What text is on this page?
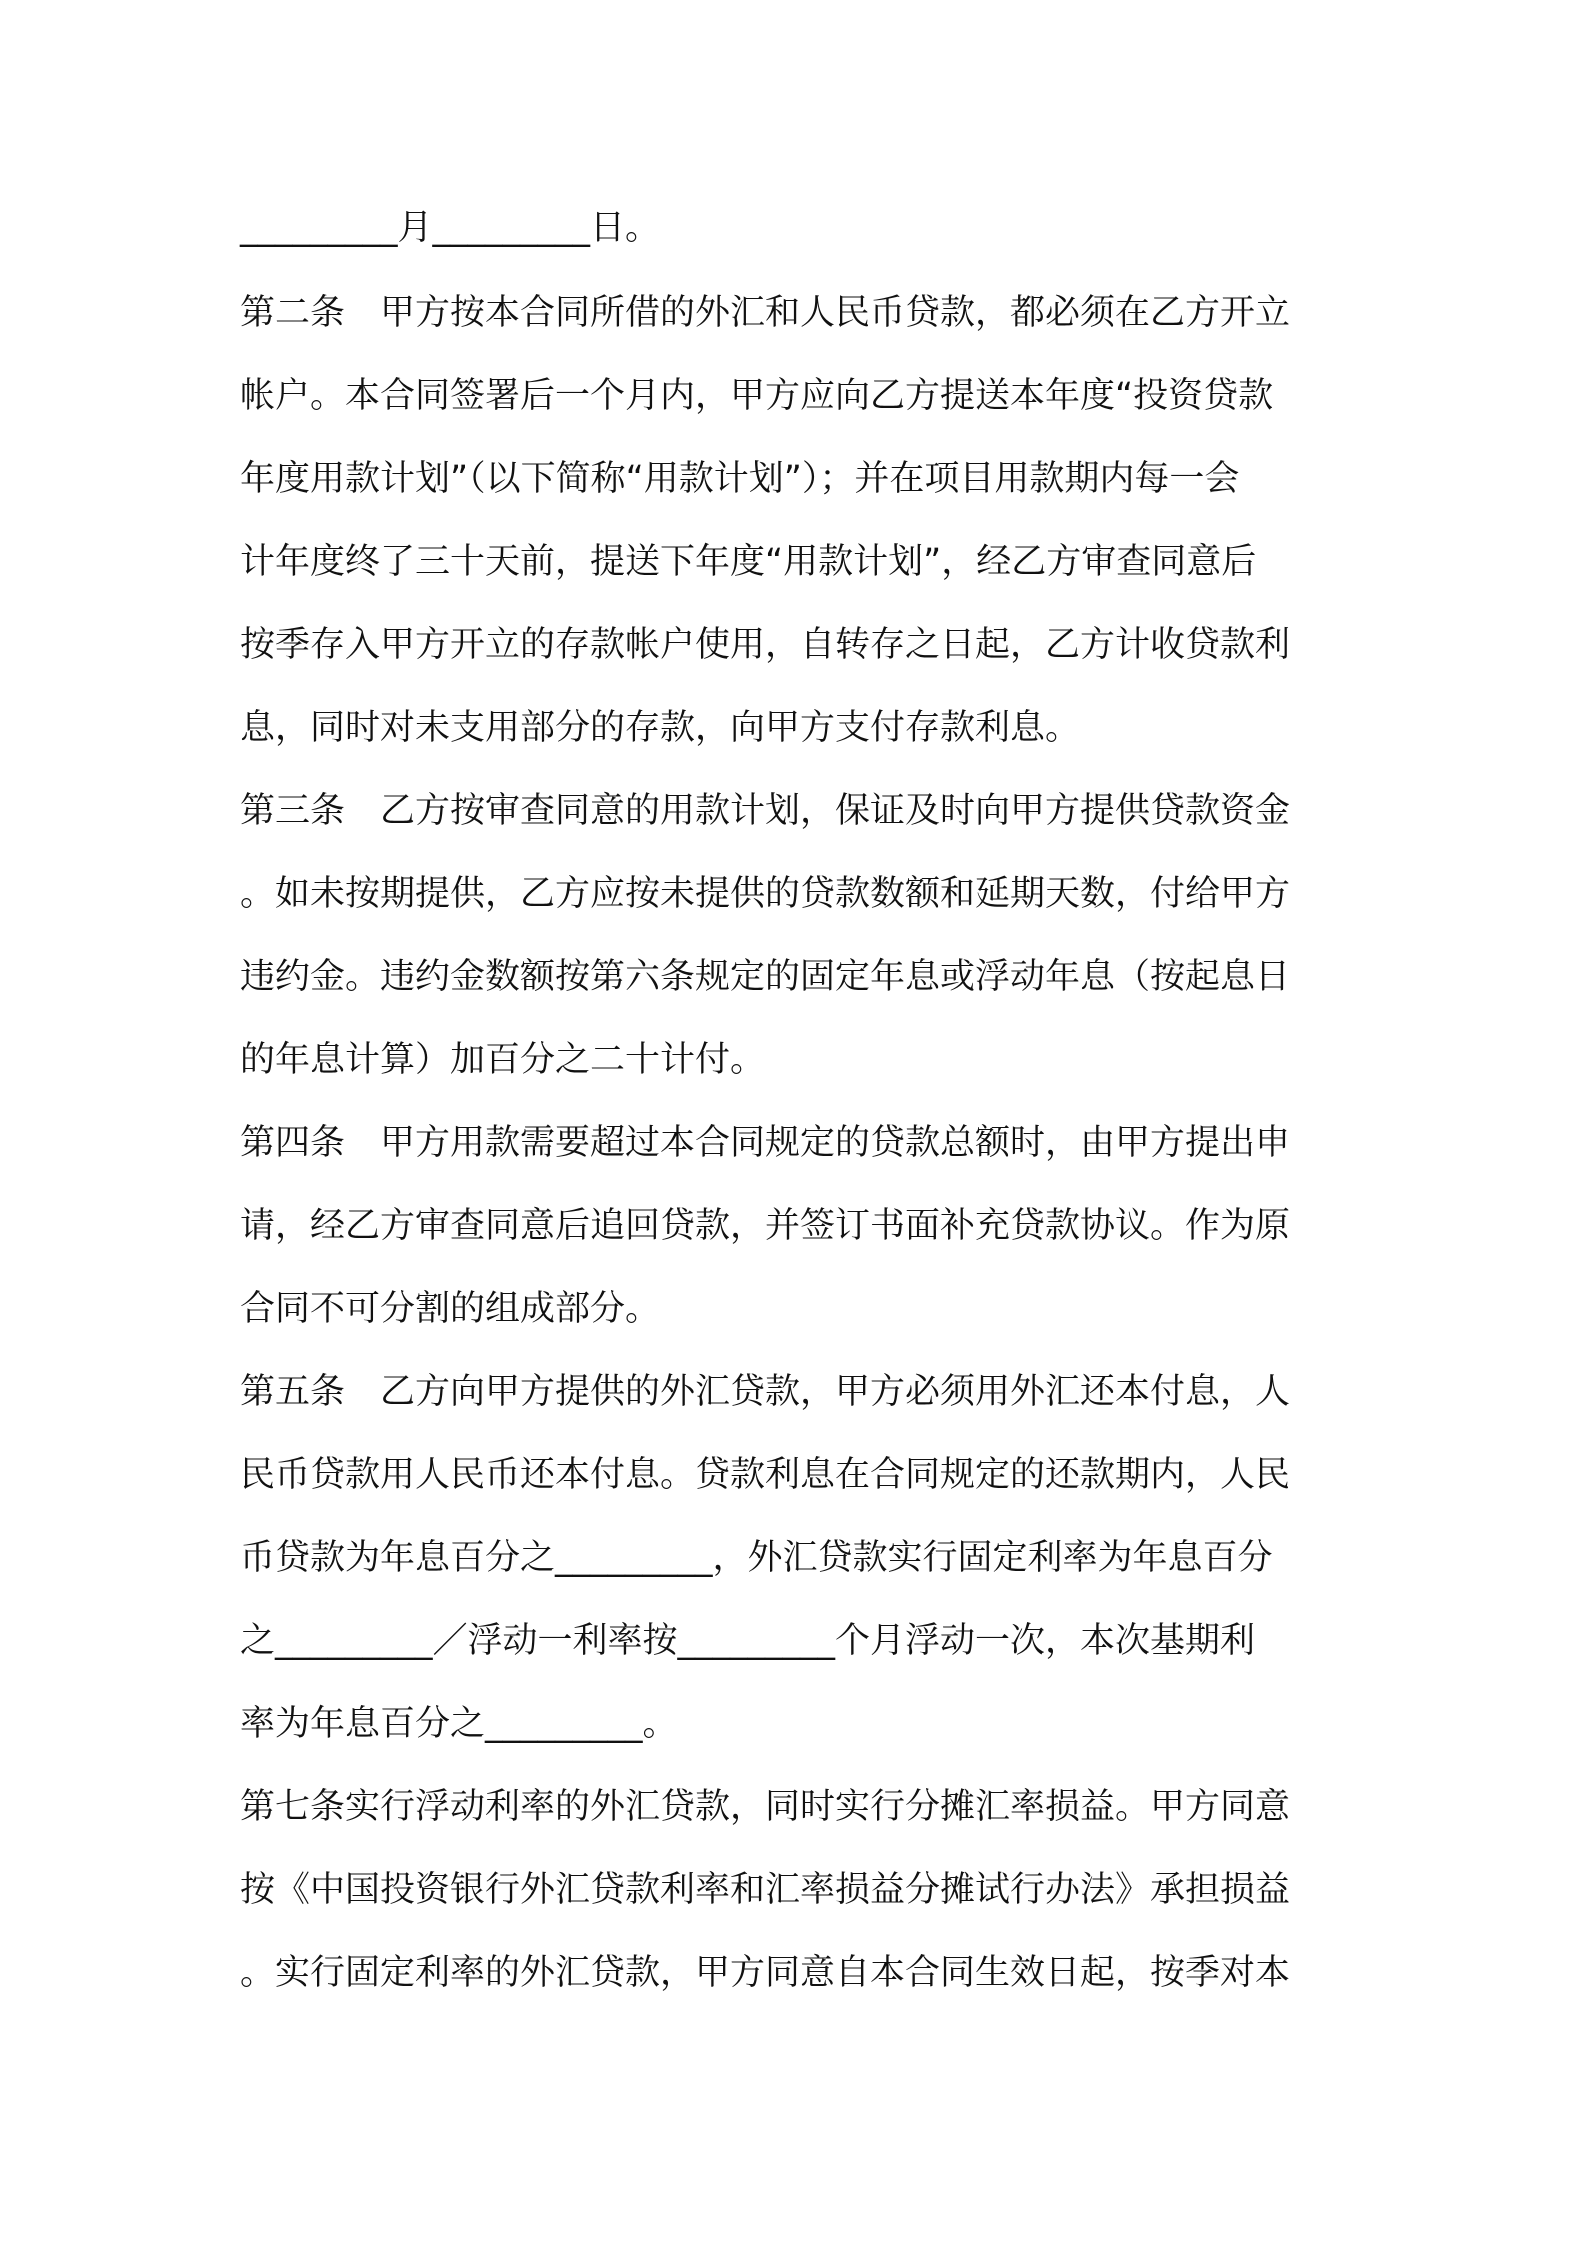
_________月_________日。
第二条　甲方按本合同所借的外汇和人民币贷款，都必须在乙方开立
帐户。本合同签署后一个月内，甲方应向乙方提送本年度“投资贷款
年度用款计划”（以下简称“用款计划”）；并在项目用款期内每一会
计年度终了三十天前，提送下年度“用款计划”，经乙方审查同意后
按季存入甲方开立的存款帐户使用，自转存之日起，乙方计收贷款利
息，同时对未支用部分的存款，向甲方支付存款利息。
第三条　乙方按审查同意的用款计划，保证及时向甲方提供贷款资金
。如未按期提供，乙方应按未提供的贷款数额和延期天数，付给甲方
违约金。违约金数额按第六条规定的固定年息或浮动年息（按起息日
的年息计算）加百分之二十计付。
第四条　甲方用款需要超过本合同规定的贷款总额时，由甲方提出申
请，经乙方审查同意后追回贷款，并签订书面补充贷款协议。作为原
合同不可分割的组成部分。
第五条　乙方向甲方提供的外汇贷款，甲方必须用外汇还本付息，人
民币贷款用人民币还本付息。贷款利息在合同规定的还款期内，人民
币贷款为年息百分之_________，外汇贷款实行固定利率为年息百分
之_________／浮动一利率按_________个月浮动一次，本次基期利
率为年息百分之_________。
第七条实行浮动利率的外汇贷款，同时实行分摊汇率损益。甲方同意
按《中国投资银行外汇贷款利率和汇率损益分摊试行办法》承担损益
。实行固定利率的外汇贷款，甲方同意自本合同生效日起，按季对本
